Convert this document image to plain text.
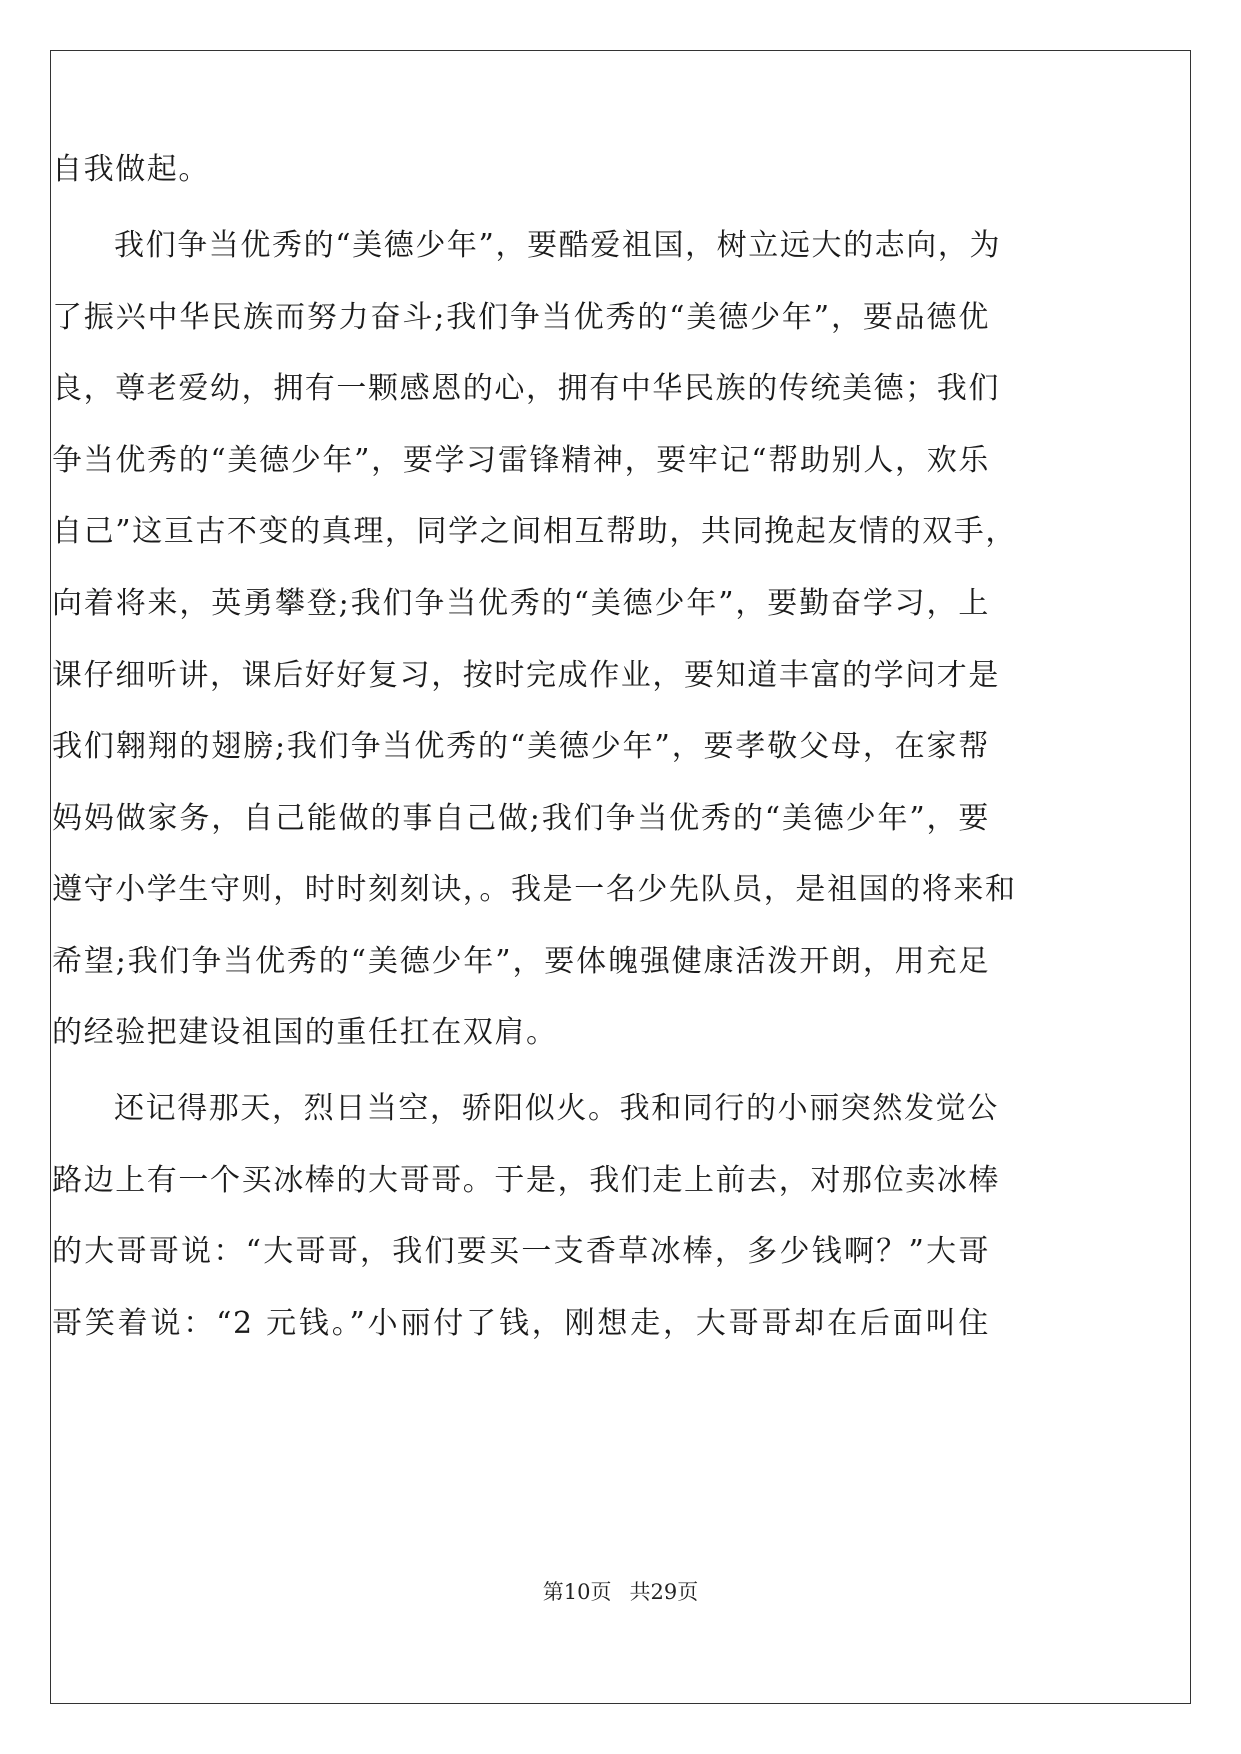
自我做起。
我们争当优秀的“美德少年”，要酷爱祖国，树立远大的志向，为
了振兴中华民族而努力奋斗;我们争当优秀的“美德少年”，要品德优
良，尊老爱幼，拥有一颗感恩的心，拥有中华民族的传统美德；我们
争当优秀的“美德少年”，要学习雷锋精神，要牢记“帮助别人，欢乐
自己”这亘古不变的真理，同学之间相互帮助，共同挽起友情的双手，
向着将来，英勇攀登;我们争当优秀的“美德少年”，要勤奋学习，上
课仔细听讲，课后好好复习，按时完成作业，要知道丰富的学问才是
我们翱翔的翅膀;我们争当优秀的“美德少年”，要孝敬父母，在家帮
妈妈做家务，自己能做的事自己做;我们争当优秀的“美德少年”，要
遵守小学生守则，时时刻刻诀，。我是一名少先队员，是祖国的将来和
希望;我们争当优秀的“美德少年”，要体魄强健康活泼开朗，用充足
的经验把建设祖国的重任扛在双肩。
还记得那天，烈日当空，骄阳似火。我和同行的小丽突然发觉公
路边上有一个买冰棒的大哥哥。于是，我们走上前去，对那位卖冰棒
的大哥哥说：“大哥哥，我们要买一支香草冰棒，多少钱啊？”大哥
哥笑着说：“2 元钱。”小丽付了钱，刚想走，大哥哥却在后面叫住
第10页 共29页
